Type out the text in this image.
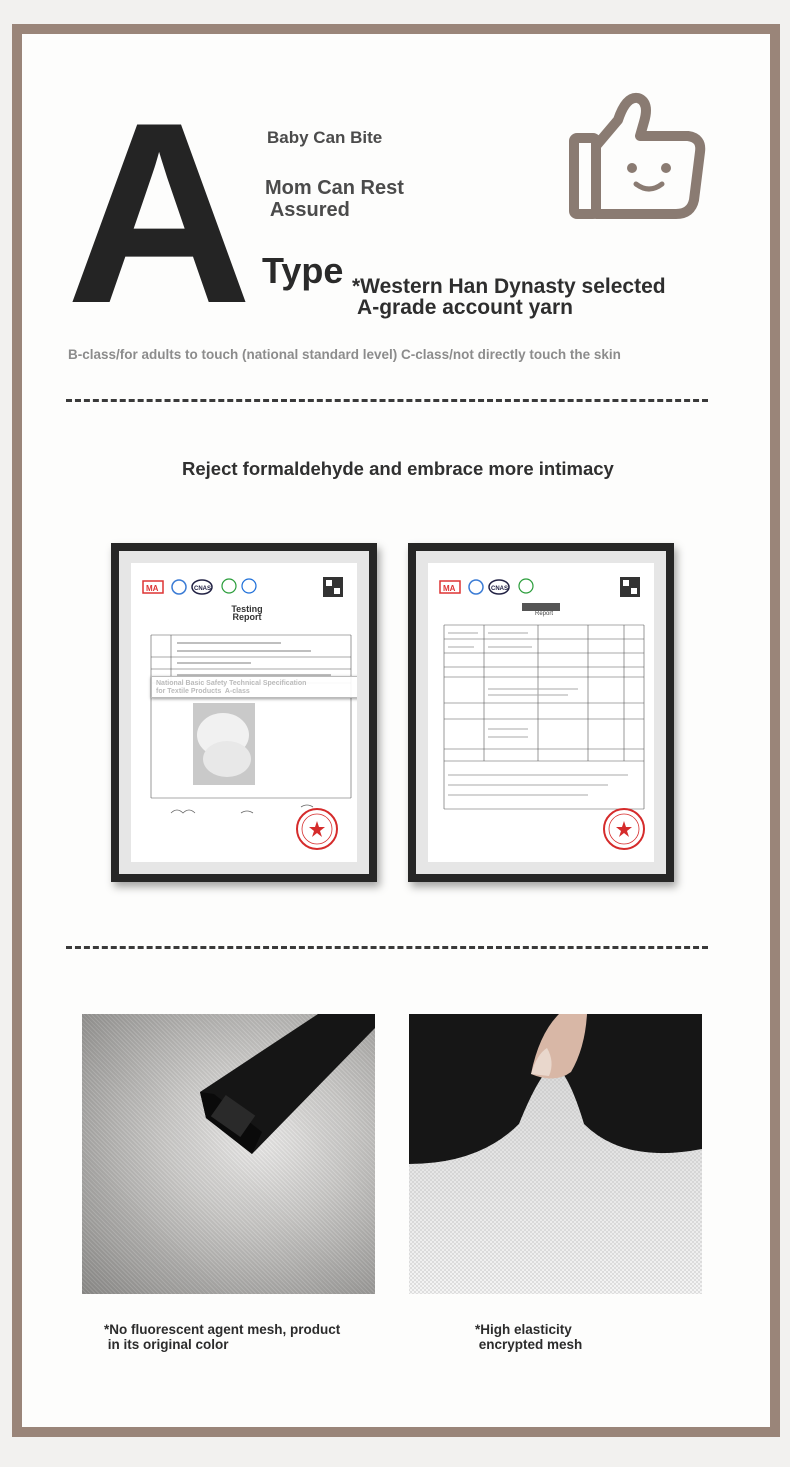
A Baby Can Bite
Mom Can Rest
Assured
Type *Western Han Dynasty selected
A-grade account yarn
B-class/for adults to touch (national standard level) C-class/not directly touch the skin
Reject formaldehyde and embrace more intimacy
MA	CNAS
Testing
Report
National Basic Safety Technical Specification
for Textile Products  A-class
MA	CNAS
Report
*No fluorescent agent mesh, product
in its original color
*High elasticity
encrypted mesh
